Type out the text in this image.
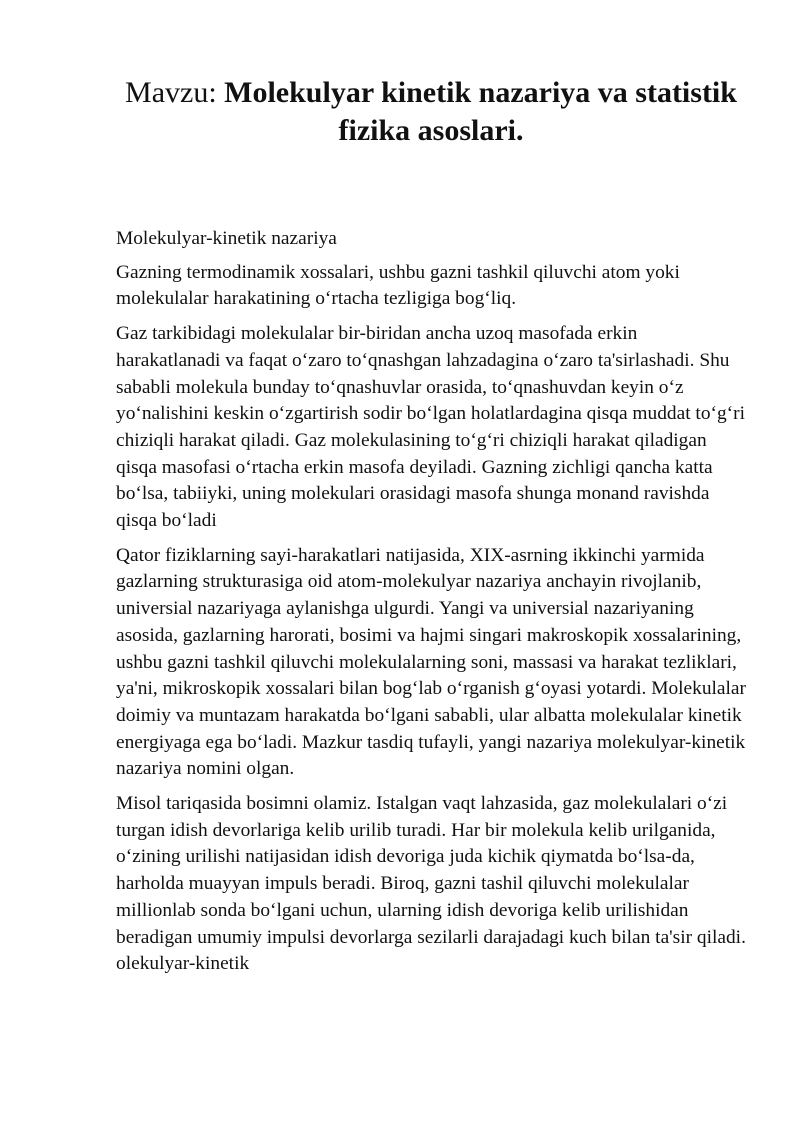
Mavzu: Molekulyar kinetik nazariya va statistik fizika asoslari.
Molekulyar-kinetik nazariya
Gazning termodinamik xossalari, ushbu gazni tashkil qiluvchi atom yoki molekulalar harakatining o‘rtacha tezligiga bog‘liq.
Gaz tarkibidagi molekulalar bir-biridan ancha uzoq masofada erkin harakatlanadi va faqat o‘zaro to‘qnashgan lahzadagina o‘zaro ta'sirlashadi. Shu sababli molekula bunday to‘qnashuvlar orasida, to‘qnashuvdan keyin o‘z yo‘nalishini keskin o‘zgartirish sodir bo‘lgan holatlardagina qisqa muddat to‘g‘ri chiziqli harakat qiladi. Gaz molekulasining to‘g‘ri chiziqli harakat qiladigan qisqa masofasi o‘rtacha erkin masofa deyiladi. Gazning zichligi qancha katta bo‘lsa, tabiiyki, uning molekulari orasidagi masofa shunga monand ravishda qisqa bo‘ladi
Qator fiziklarning sayi-harakatlari natijasida, XIX-asrning ikkinchi yarmida gazlarning strukturasiga oid atom-molekulyar nazariya anchayin rivojlanib, universial nazariyaga aylanishga ulgurdi. Yangi va universial nazariyaning asosida, gazlarning harorati, bosimi va hajmi singari makroskopik xossalarining, ushbu gazni tashkil qiluvchi molekulalarning soni, massasi va harakat tezliklari, ya'ni, mikroskopik xossalari bilan bog‘lab o‘rganish g‘oyasi yotardi. Molekulalar doimiy va muntazam harakatda bo‘lgani sababli, ular albatta molekulalar kinetik energiyaga ega bo‘ladi. Mazkur tasdiq tufayli, yangi nazariya molekulyar-kinetik nazariya nomini olgan.
Misol tariqasida bosimni olamiz. Istalgan vaqt lahzasida, gaz molekulalari o‘zi turgan idish devorlariga kelib urilib turadi. Har bir molekula kelib urilganida, o‘zining urilishi natijasidan idish devoriga juda kichik qiymatda bo‘lsa-da, harholda muayyan impuls beradi. Biroq, gazni tashil qiluvchi molekulalar millionlab sonda bo‘lgani uchun, ularning idish devoriga kelib urilishidan beradigan umumiy impulsi devorlarga sezilarli darajadagi kuch bilan ta'sir qiladi. olekulyar-kinetik
